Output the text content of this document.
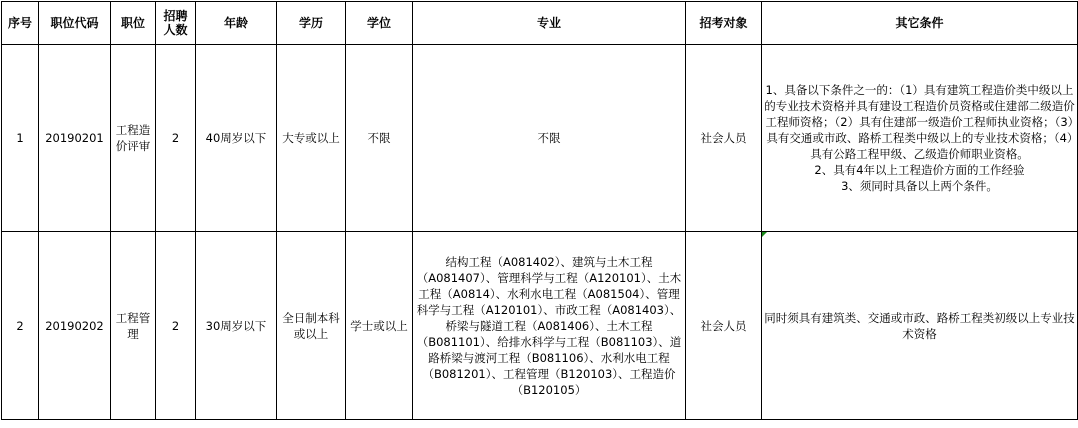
序号	职位代码	职位	招聘人数	年龄	学历	学位	专业	招考对象	其它条件
1	20190201	工程造价评审	2	40周岁以下	大专或以上	不限	不限	社会人员	1、具备以下条件之一的：（1）具有建筑工程造价类中级以上的专业技术资格并具有建设工程造价员资格或住建部二级造价工程师资格；（2）具有住建部一级造价工程师执业资格；（3）具有交通或市政、路桥工程类中级以上的专业技术资格；（4）具有公路工程甲级、乙级造价师职业资格。
2、具有4年以上工程造价方面的工作经验
3、须同时具备以上两个条件。

2	20190202	工程管理	2	30周岁以下	全日制本科或以上	学士或以上	结构工程（A081402）、建筑与土木工程（A081407）、管理科学与工程（A120101）、土木工程（A0814）、水利水电工程（A081504）、管理科学与工程（A120101）、市政工程（A081403）、桥梁与隧道工程（A081406）、土木工程（B081101）、给排水科学与工程（B081103）、道路桥梁与渡河工程（B081106）、水利水电工程（B081201）、工程管理（B120103）、工程造价（B120105）	社会人员	同时须具有建筑类、交通或市政、路桥工程类初级以上专业技术资格
